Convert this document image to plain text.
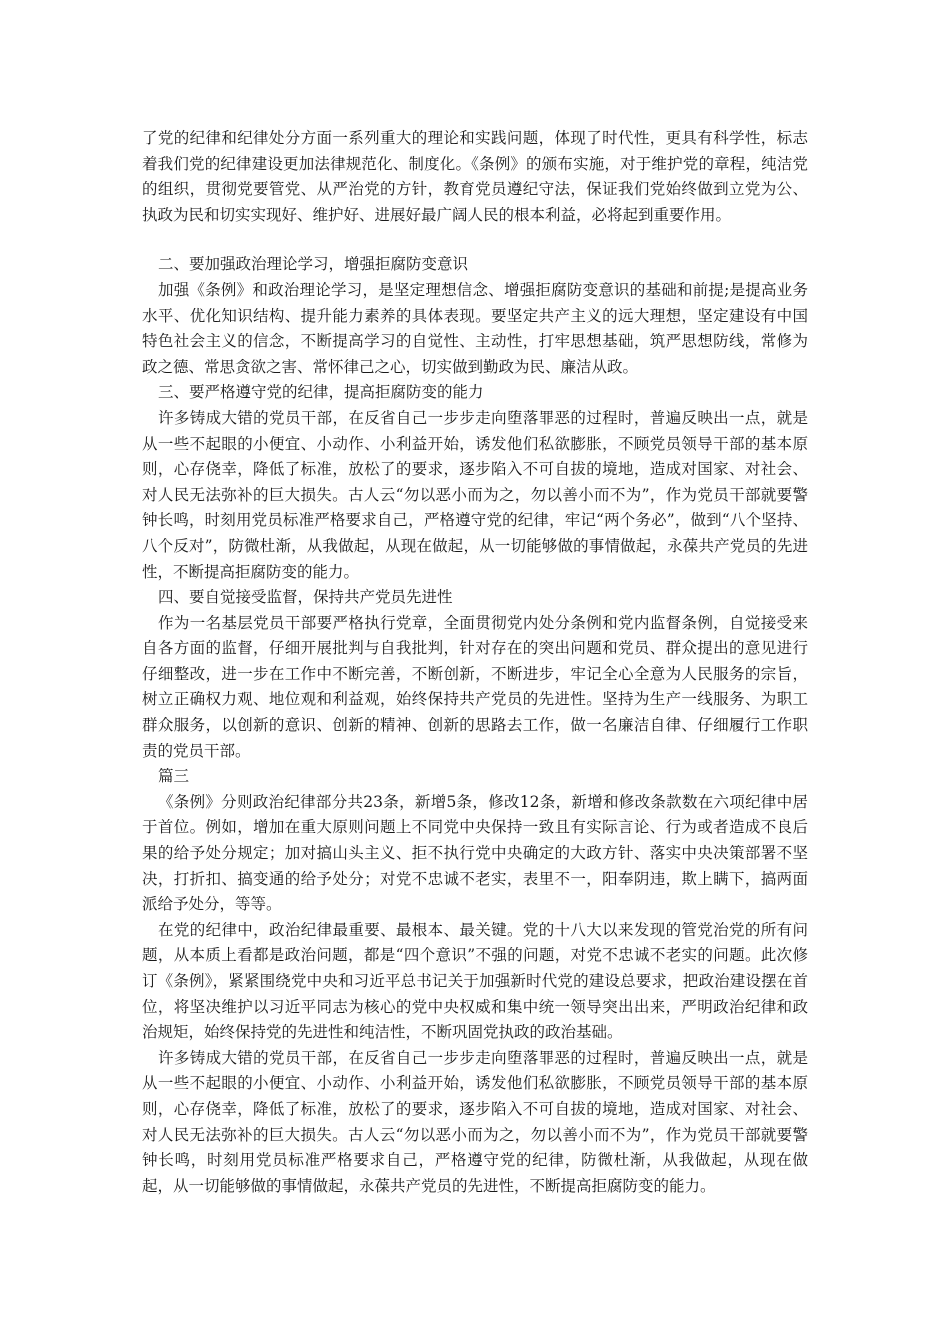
了党的纪律和纪律处分方面一系列重大的理论和实践问题，体现了时代性，更具有科学性，标志着我们党的纪律建设更加法律规范化、制度化。《条例》的颁布实施，对于维护党的章程，纯洁党的组织，贯彻党要管党、从严治党的方针，教育党员遵纪守法，保证我们党始终做到立党为公、执政为民和切实实现好、维护好、进展好最广阔人民的根本利益，必将起到重要作用。

二、要加强政治理论学习，增强拒腐防变意识

加强《条例》和政治理论学习，是坚定理想信念、增强拒腐防变意识的基础和前提;是提高业务水平、优化知识结构、提升能力素养的具体表现。要坚定共产主义的远大理想，坚定建设有中国特色社会主义的信念，不断提高学习的自觉性、主动性，打牢思想基础，筑严思想防线，常修为政之德、常思贪欲之害、常怀律己之心，切实做到勤政为民、廉洁从政。

三、要严格遵守党的纪律，提高拒腐防变的能力

许多铸成大错的党员干部，在反省自己一步步走向堕落罪恶的过程时，普遍反映出一点，就是从一些不起眼的小便宜、小动作、小利益开始，诱发他们私欲膨胀，不顾党员领导干部的基本原则，心存侥幸，降低了标准，放松了的要求，逐步陷入不可自拔的境地，造成对国家、对社会、对人民无法弥补的巨大损失。古人云“勿以恶小而为之，勿以善小而不为”，作为党员干部就要警钟长鸣，时刻用党员标准严格要求自己，严格遵守党的纪律，牢记“两个务必”，做到“八个坚持、八个反对”，防微杜渐，从我做起，从现在做起，从一切能够做的事情做起，永葆共产党员的先进性，不断提高拒腐防变的能力。

四、要自觉接受监督，保持共产党员先进性

作为一名基层党员干部要严格执行党章，全面贯彻党内处分条例和党内监督条例，自觉接受来自各方面的监督，仔细开展批判与自我批判，针对存在的突出问题和党员、群众提出的意见进行仔细整改，进一步在工作中不断完善，不断创新，不断进步，牢记全心全意为人民服务的宗旨，树立正确权力观、地位观和利益观，始终保持共产党员的先进性。坚持为生产一线服务、为职工群众服务，以创新的意识、创新的精神、创新的思路去工作，做一名廉洁自律、仔细履行工作职责的党员干部。

篇三

《条例》分则政治纪律部分共23条，新增5条，修改12条，新增和修改条款数在六项纪律中居于首位。例如，增加在重大原则问题上不同党中央保持一致且有实际言论、行为或者造成不良后果的给予处分规定；加对搞山头主义、拒不执行党中央确定的大政方针、落实中央决策部署不坚决，打折扣、搞变通的给予处分；对党不忠诚不老实，表里不一，阳奉阴违，欺上瞒下，搞两面派给予处分，等等。

在党的纪律中，政治纪律最重要、最根本、最关键。党的十八大以来发现的管党治党的所有问题，从本质上看都是政治问题，都是“四个意识”不强的问题，对党不忠诚不老实的问题。此次修订《条例》，紧紧围绕党中央和习近平总书记关于加强新时代党的建设总要求，把政治建设摆在首位，将坚决维护以习近平同志为核心的党中央权威和集中统一领导突出出来，严明政治纪律和政治规矩，始终保持党的先进性和纯洁性，不断巩固党执政的政治基础。

许多铸成大错的党员干部，在反省自己一步步走向堕落罪恶的过程时，普遍反映出一点，就是从一些不起眼的小便宜、小动作、小利益开始，诱发他们私欲膨胀，不顾党员领导干部的基本原则，心存侥幸，降低了标准，放松了的要求，逐步陷入不可自拔的境地，造成对国家、对社会、对人民无法弥补的巨大损失。古人云“勿以恶小而为之，勿以善小而不为”，作为党员干部就要警钟长鸣，时刻用党员标准严格要求自己，严格遵守党的纪律，防微杜渐，从我做起，从现在做起，从一切能够做的事情做起，永葆共产党员的先进性，不断提高拒腐防变的能力。
